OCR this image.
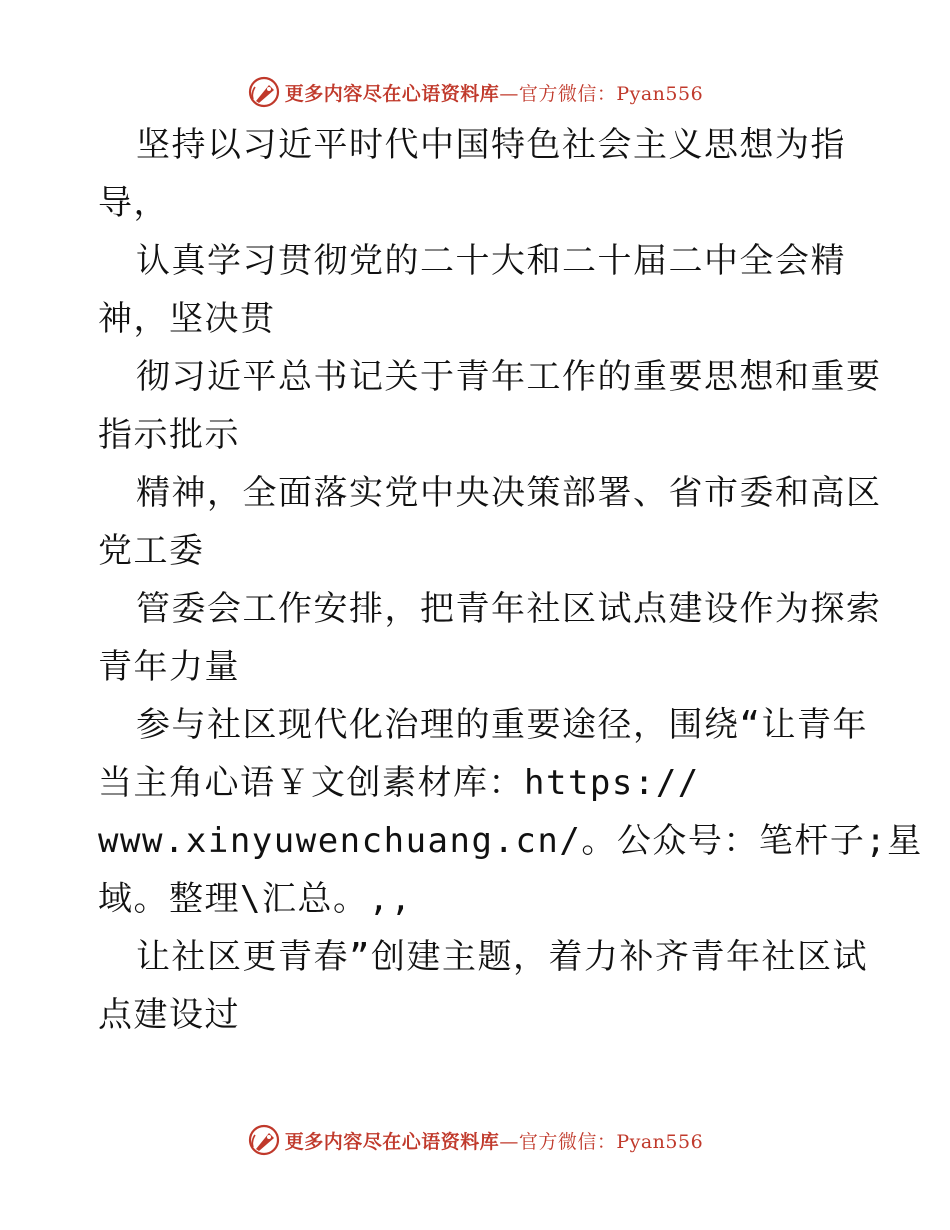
更多内容尽在心语资料库—官方微信：Pyan556
坚持以习近平时代中国特色社会主义思想为指
导，
认真学习贯彻党的二十大和二十届二中全会精
神，坚决贯
彻习近平总书记关于青年工作的重要思想和重要
指示批示
精神，全面落实党中央决策部署、省市委和高区
党工委
管委会工作安排，把青年社区试点建设作为探索
青年力量
参与社区现代化治理的重要途径，围绕“让青年
当主角心语￥文创素材库：https://
www.xinyuwenchuang.cn/。公众号：笔杆子;星
域。整理\汇总。,,
让社区更青春”创建主题，着力补齐青年社区试
点建设过
更多内容尽在心语资料库—官方微信：Pyan556
